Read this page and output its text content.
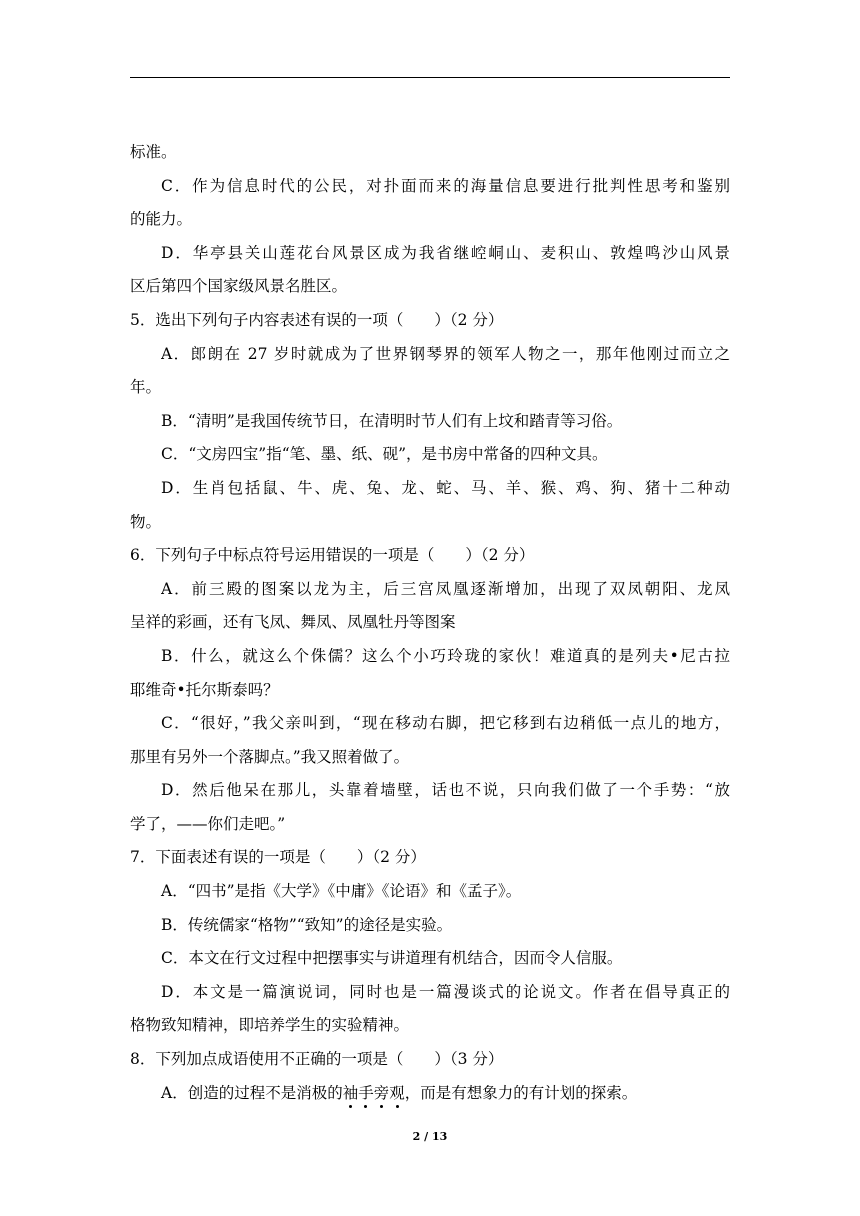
标准。
C．作为信息时代的公民，对扑面而来的海量信息要进行批判性思考和鉴别
的能力。
D．华亭县关山莲花台风景区成为我省继崆峒山、麦积山、敦煌鸣沙山风景
区后第四个国家级风景名胜区。
5．选出下列句子内容表述有误的一项（　　）（2 分）
A．郎朗在 27 岁时就成为了世界钢琴界的领军人物之一，那年他刚过而立之
年。
B．“清明”是我国传统节日，在清明时节人们有上坟和踏青等习俗。
C．“文房四宝”指“笔、墨、纸、砚”，是书房中常备的四种文具。
D．生肖包括鼠、牛、虎、兔、龙、蛇、马、羊、猴、鸡、狗、猪十二种动
物。
6．下列句子中标点符号运用错误的一项是（　　）（2 分）
A．前三殿的图案以龙为主，后三宫凤凰逐渐增加，出现了双凤朝阳、龙凤
呈祥的彩画，还有飞凤、舞凤、凤凰牡丹等图案
B．什么，就这么个侏儒？这么个小巧玲珑的家伙！难道真的是列夫•尼古拉
耶维奇•托尔斯泰吗？
C．“很好，”我父亲叫到，“现在移动右脚，把它移到右边稍低一点儿的地方，
那里有另外一个落脚点。”我又照着做了。
D．然后他呆在那儿，头靠着墙壁，话也不说，只向我们做了一个手势：“放
学了，——你们走吧。”
7．下面表述有误的一项是（　　）（2 分）
A．“四书”是指《大学》《中庸》《论语》和《孟子》。
B．传统儒家“格物”“致知”的途径是实验。
C．本文在行文过程中把摆事实与讲道理有机结合，因而令人信服。
D．本文是一篇演说词，同时也是一篇漫谈式的论说文。作者在倡导真正的
格物致知精神，即培养学生的实验精神。
8．下列加点成语使用不正确的一项是（　　）（3 分）
A．创造的过程不是消极的袖手旁观，而是有想象力的有计划的探索。
2 / 13
